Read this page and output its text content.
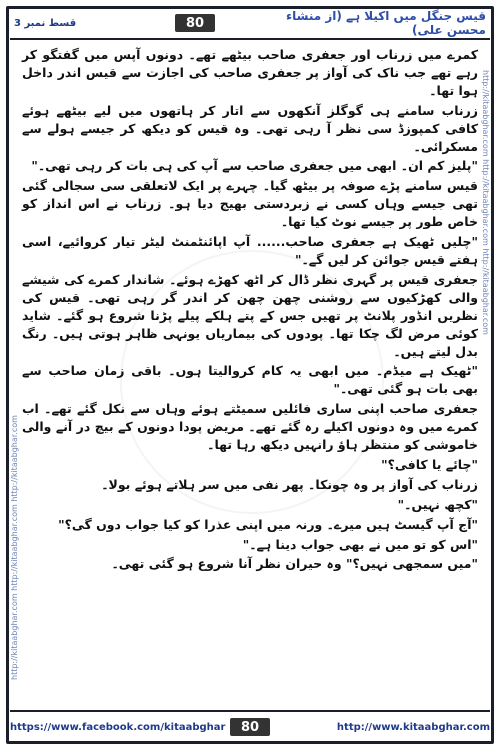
قسط نمبر 3	80	قیس جنگل میں اکیلا ہے (از منشاء محسن علی)
http://kitaabghar.com http://kitaabghar.com http://kitaabghar.com
http://kitaabghar.com http://kitaabghar.com http://kitaabghar.com

کمرے میں زرناب اور جعفری صاحب بیٹھے تھے۔ دونوں آپس میں گفتگو کر رہے تھے جب ناک کی آواز پر جعفری صاحب کی اجازت سے قیس اندر داخل ہوا تھا۔

زرناب سامنے ہی گوگلز آنکھوں سے اتار کر ہاتھوں میں لیے بیٹھے ہوئے کافی کمپوزڈ سی نظر آ رہی تھی۔ وہ قیس کو دیکھ کر جیسے ہولے سے مسکرائی۔

"پلیز کم ان۔ ابھی میں جعفری صاحب سے آپ کی ہی بات کر رہی تھی۔"

قیس سامنے پڑے صوفہ پر بیٹھ گیا۔ چہرے پر ایک لاتعلقی سی سجالی گئی تھی جیسے وہاں کسی نے زبردستی بھیج دیا ہو۔ زرناب نے اس انداز کو خاص طور پر جیسے نوٹ کیا تھا۔

"چلیں ٹھیک ہے جعفری صاحب...... آپ اپائنٹمنٹ لیٹر تیار کروائیے، اسی ہفتے قیس جوائن کر لیں گے۔"

جعفری قیس پر گہری نظر ڈال کر اٹھ کھڑے ہوئے۔ شاندار کمرے کی شیشے والی کھڑکیوں سے روشنی چھن چھن کر اندر گر رہی تھی۔ قیس کی نظریں انڈور پلانٹ پر تھیں جس کے پتے ہلکے پیلے پڑنا شروع ہو گئے۔ شاید کوئی مرض لگ چکا تھا۔ پودوں کی بیماریاں یونہی ظاہر ہوتی ہیں۔ رنگ بدل لیتے ہیں۔

"ٹھیک ہے میڈم۔ میں ابھی یہ کام کروالیتا ہوں۔ باقی زمان صاحب سے بھی بات ہو گئی تھی۔"

جعفری صاحب اپنی ساری فائلیں سمیٹتے ہوئے وہاں سے نکل گئے تھے۔ اب کمرے میں وہ دونوں اکیلے رہ گئے تھے۔ مریض پودا دونوں کے بیچ در آنے والی خاموشی کو منتظر ہاؤ رانہیں دیکھ رہا تھا۔

"چائے یا کافی؟"

زرناب کی آواز پر وہ چونکا۔ پھر نفی میں سر ہلاتے ہوئے بولا۔

"کچھ نہیں۔"

"آج آپ گیسٹ ہیں میرے۔ ورنہ میں اپنی عذرا کو کیا جواب دوں گی؟"

"اس کو تو میں نے بھی جواب دینا ہے۔"

"میں سمجھی نہیں؟" وہ حیران نظر آنا شروع ہو گئی تھی۔

https://www.facebook.com/kitaabghar	80	http://www.kitaabghar.com
